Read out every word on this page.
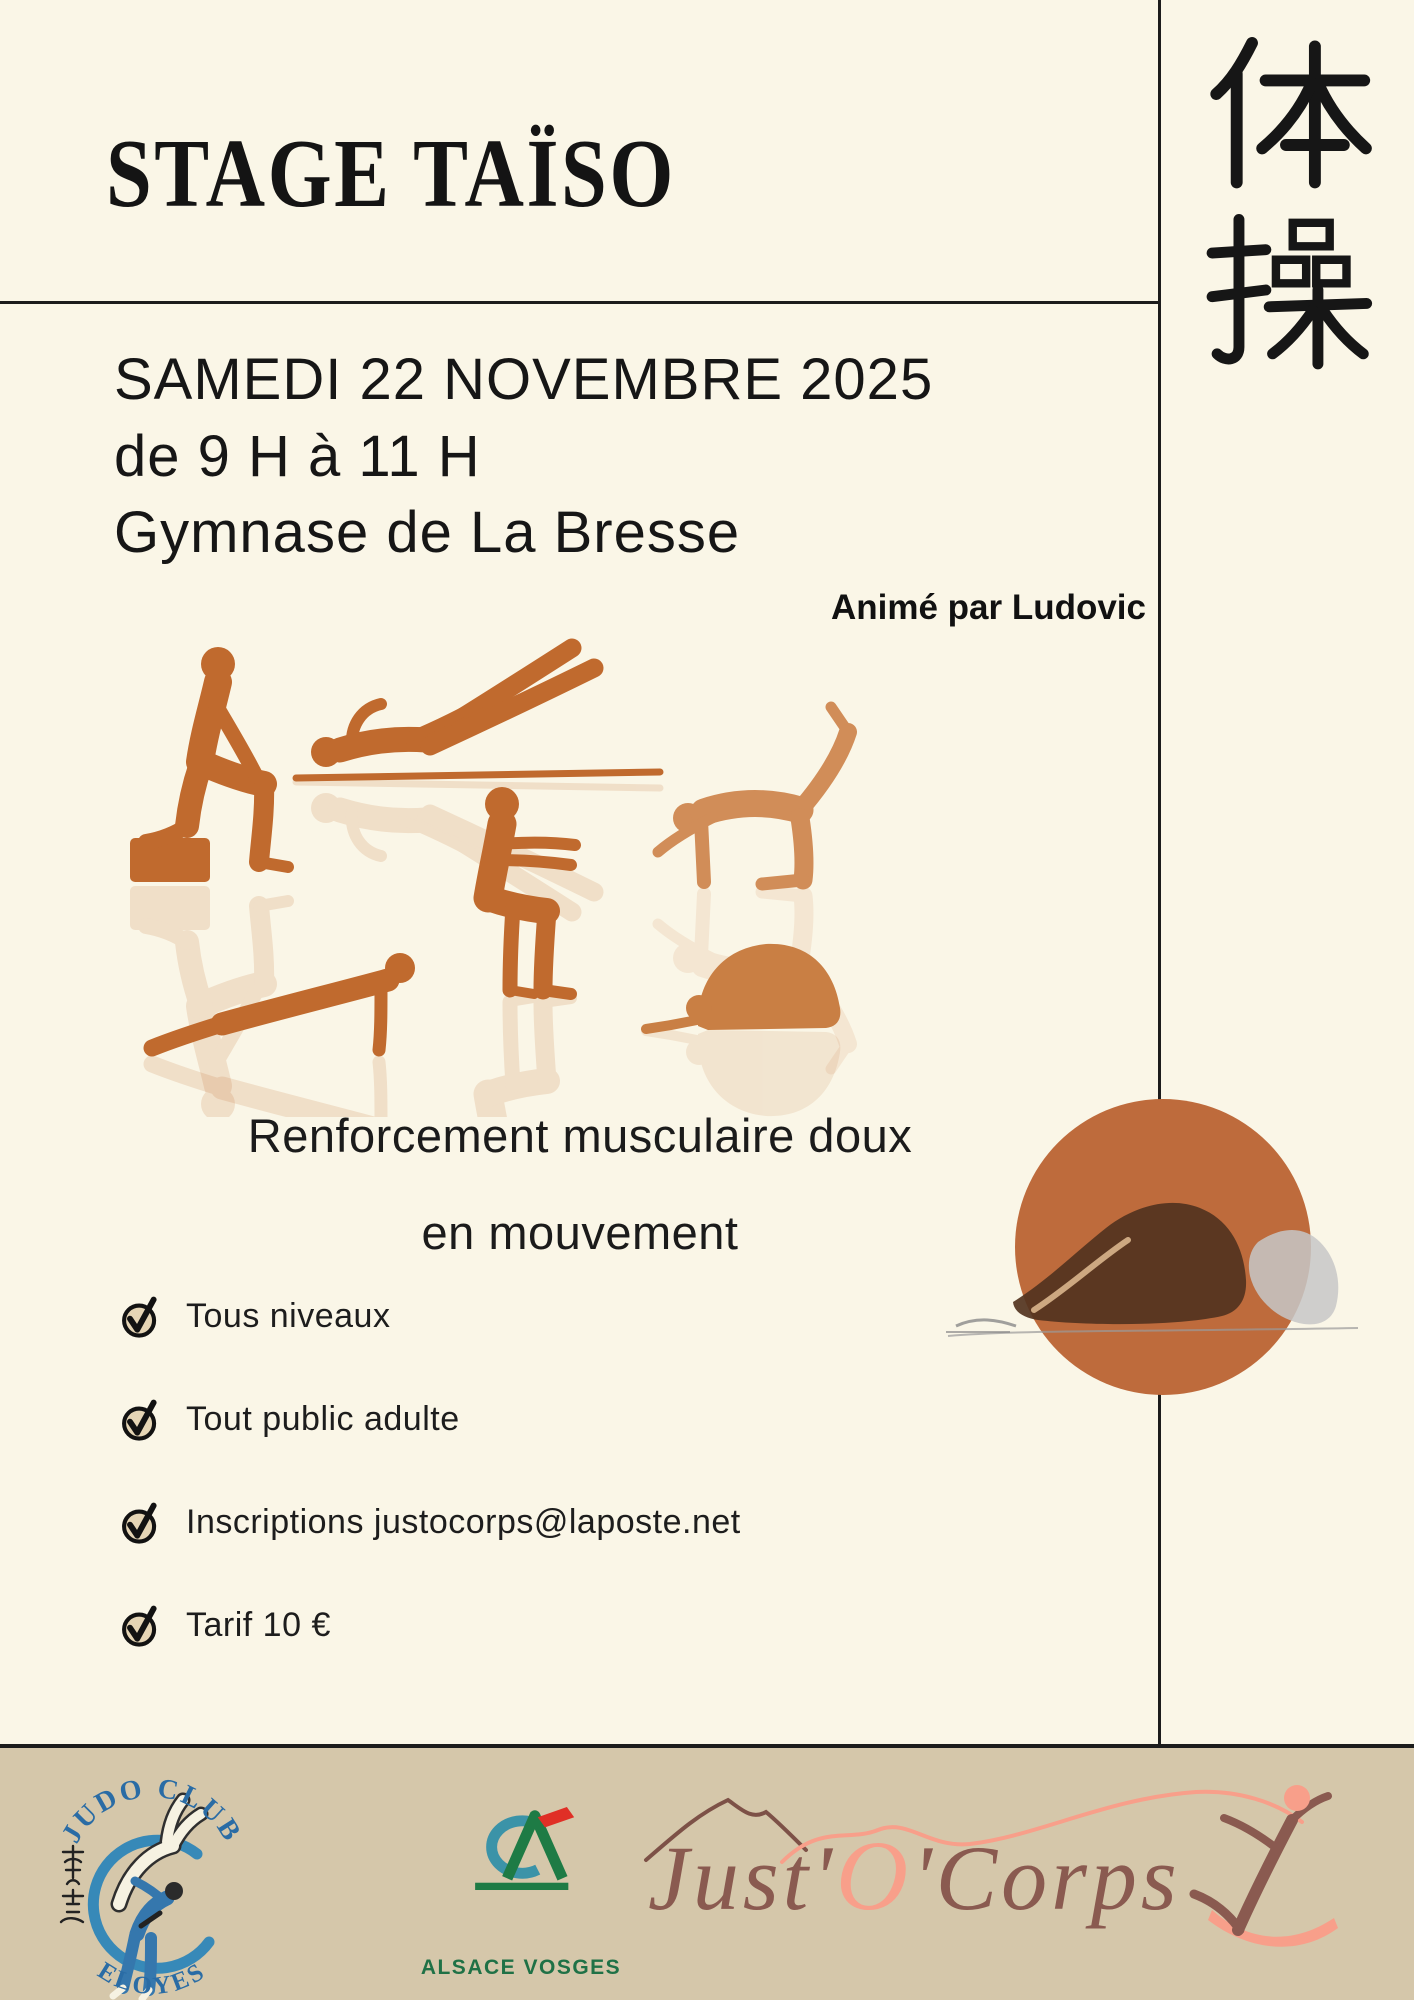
STAGE TAÏSO
SAMEDI 22 NOVEMBRE 2025
de 9 H à 11 H
Gymnase de La Bresse
Animé par Ludovic
Renforcement musculaire doux
en mouvement
Tous niveaux
Tout public adulte
Inscriptions justocorps@laposte.net
Tarif 10 €
JUDO CLUB
ELOYES	ALSACE VOSGES
Just'O'Corps
